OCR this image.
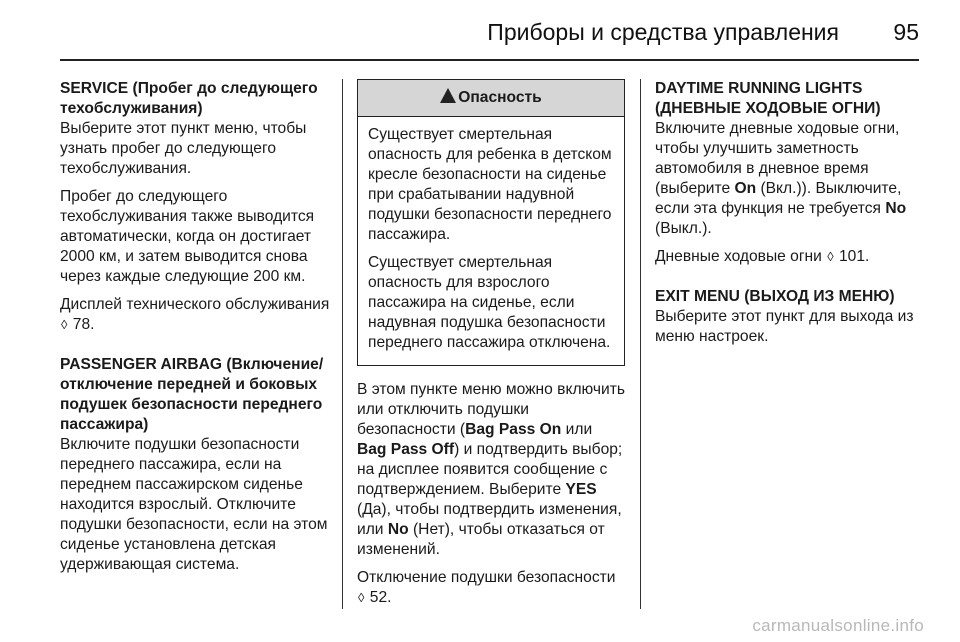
Приборы и средства управления 95

SERVICE (Пробег до следующего техобслуживания)

Выберите этот пункт меню, чтобы узнать пробег до следующего техобслуживания.

Пробег до следующего техобслуживания также выводится автоматически, когда он достигает 2000 км, и затем выводится снова через каждые следующие 200 км.

Дисплей технического обслуживания ◊ 78.

PASSENGER AIRBAG (Включение/отключение передней и боковых подушек безопасности переднего пассажира)

Включите подушки безопасности переднего пассажира, если на переднем пассажирском сиденье находится взрослый. Отключите подушки безопасности, если на этом сиденье установлена детская удерживающая система.

Опасность

Существует смертельная опасность для ребенка в детском кресле безопасности на сиденье при срабатывании надувной подушки безопасности переднего пассажира.

Существует смертельная опасность для взрослого пассажира на сиденье, если надувная подушка безопасности переднего пассажира отключена.

В этом пункте меню можно включить или отключить подушки безопасности (Bag Pass On или Bag Pass Off) и подтвердить выбор; на дисплее появится сообщение с подтверждением. Выберите YES (Да), чтобы подтвердить изменения, или No (Нет), чтобы отказаться от изменений.

Отключение подушки безопасности ◊ 52.

DAYTIME RUNNING LIGHTS (ДНЕВНЫЕ ХОДОВЫЕ ОГНИ)

Включите дневные ходовые огни, чтобы улучшить заметность автомобиля в дневное время (выберите On (Вкл.)). Выключите, если эта функция не требуется No (Выкл.).

Дневные ходовые огни ◊ 101.

EXIT MENU (ВЫХОД ИЗ МЕНЮ)

Выберите этот пункт для выхода из меню настроек.

carmanualsonline.info
